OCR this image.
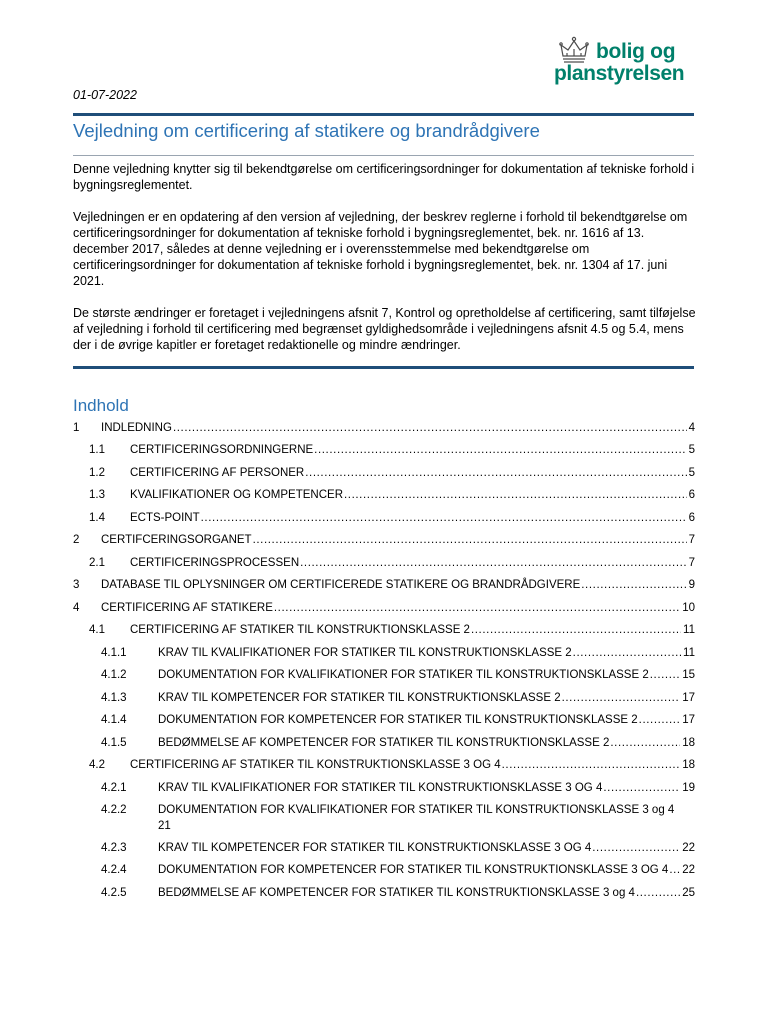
bolig og
planstyrelsen
01-07-2022
Vejledning om certificering af statikere og brandrådgivere

Denne vejledning knytter sig til bekendtgørelse om certificeringsordninger for dokumentation af tekniske forhold i bygningsreglementet.

Vejledningen er en opdatering af den version af vejledning, der beskrev reglerne i forhold til bekendtgørelse om certificeringsordninger for dokumentation af tekniske forhold i bygningsreglementet, bek. nr. 1616 af 13. december 2017, således at denne vejledning er i overensstemmelse med bekendtgørelse om certificeringsordninger for dokumentation af tekniske forhold i bygningsreglementet, bek. nr. 1304 af 17. juni 2021.

De største ændringer er foretaget i vejledningens afsnit 7, Kontrol og opretholdelse af certificering, samt tilføjelse af vejledning i forhold til certificering med begrænset gyldighedsområde i vejledningens afsnit 4.5 og 5.4, mens der i de øvrige kapitler er foretaget redaktionelle og mindre ændringer.

Indhold
1 INDLEDNING .....	4
1.1 CERTIFICERINGSORDNINGERNE .....	5
1.2 CERTIFICERING AF PERSONER .....	5
1.3 KVALIFIKATIONER OG KOMPETENCER .....	6
1.4 ECTS-POINT .....	6
2 CERTIFCERINGSORGANET .....	7
2.1 CERTIFICERINGSPROCESSEN .....	7
3 DATABASE TIL OPLYSNINGER OM CERTIFICEREDE STATIKERE OG BRANDRÅDGIVERE .....	9
4 CERTIFICERING AF STATIKERE .....	10
4.1 CERTIFICERING AF STATIKER TIL KONSTRUKTIONSKLASSE 2 .....	11
4.1.1	KRAV TIL KVALIFIKATIONER FOR STATIKER TIL KONSTRUKTIONSKLASSE 2 .....	11
4.1.2	DOKUMENTATION FOR KVALIFIKATIONER FOR STATIKER TIL KONSTRUKTIONSKLASSE 2 .....	15
4.1.3	KRAV TIL KOMPETENCER FOR STATIKER TIL KONSTRUKTIONSKLASSE 2 .....	17
4.1.4	DOKUMENTATION FOR KOMPETENCER FOR STATIKER TIL KONSTRUKTIONSKLASSE 2 .....	17
4.1.5	BEDØMMELSE AF KOMPETENCER FOR STATIKER TIL KONSTRUKTIONSKLASSE 2 .....	18
4.2 CERTIFICERING AF STATIKER TIL KONSTRUKTIONSKLASSE 3 OG 4 .....	18
4.2.1	KRAV TIL KVALIFIKATIONER FOR STATIKER TIL KONSTRUKTIONSKLASSE 3 OG 4 .....	19
4.2.2	DOKUMENTATION FOR KVALIFIKATIONER FOR STATIKER TIL KONSTRUKTIONSKLASSE 3 og 4
21
4.2.3	KRAV TIL KOMPETENCER FOR STATIKER TIL KONSTRUKTIONSKLASSE 3 OG 4 .....	22
4.2.4	DOKUMENTATION FOR KOMPETENCER FOR STATIKER TIL KONSTRUKTIONSKLASSE 3 OG 4 ..... 22
4.2.5	BEDØMMELSE AF KOMPETENCER FOR STATIKER TIL KONSTRUKTIONSKLASSE 3 og 4 .....	25
